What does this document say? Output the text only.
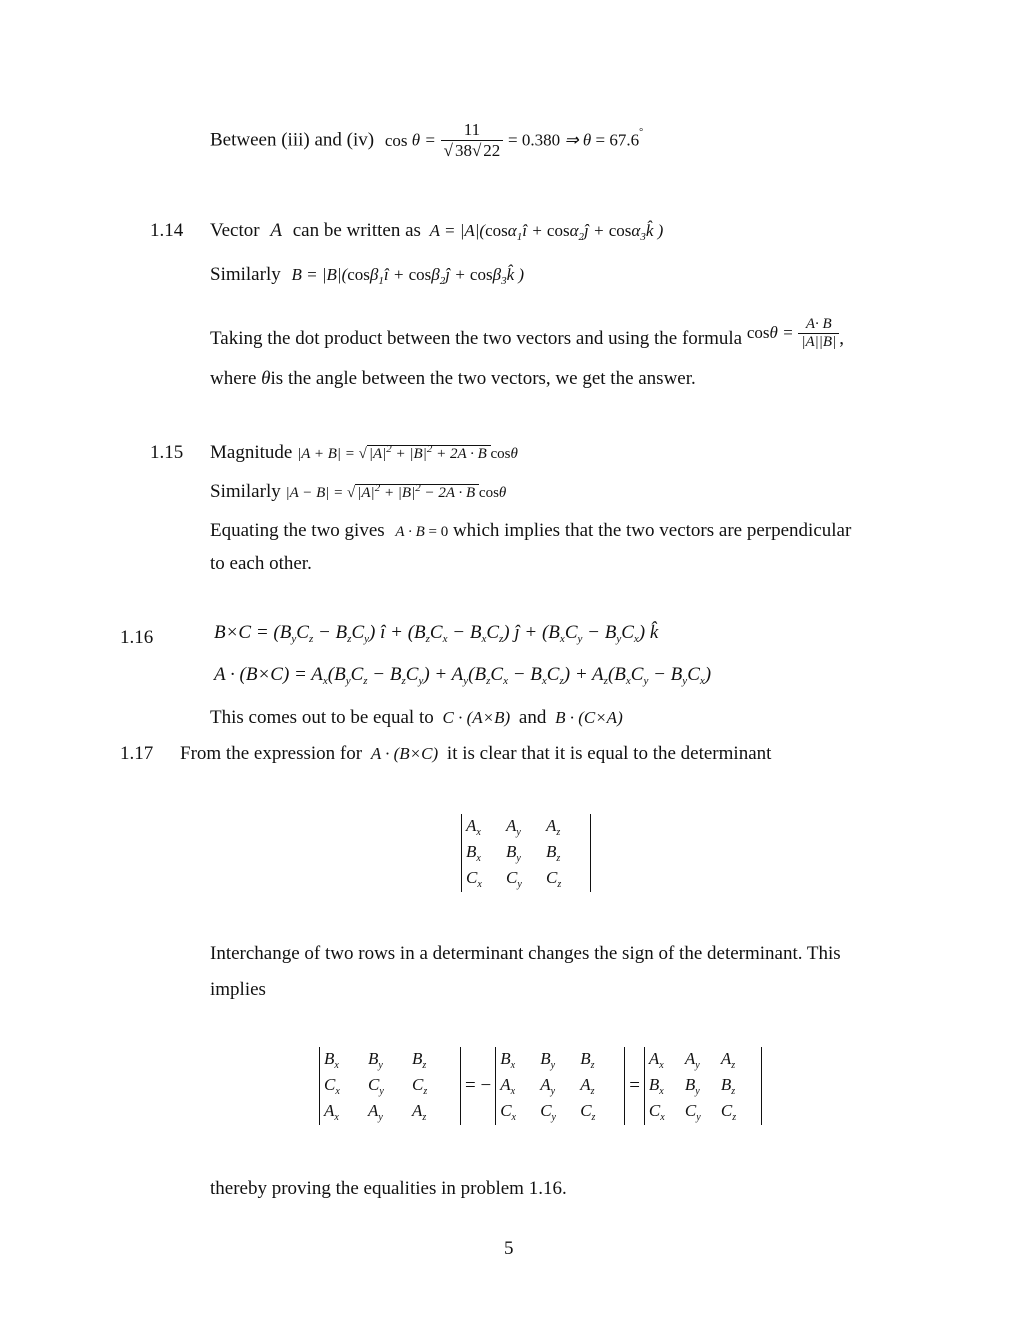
Between (iii) and (iv) $\cos \theta = \frac{11}{√ 38√ 22} = 0.380$ ⇒ θ = 67.6°
1.14 Vector A can be written as A = |A|(cosα$_1$î + cosα$_2$ĵ + cosα$_3$k̂ )
Similarly B = |B|(cosβ$_1$î + cosβ$_2$ĵ + cosβ$_3$k̂ )
Taking the dot product between the two vectors and using the formula $\cos\theta = \frac{A\cdot B}{|A||B|}$ ,
where θis the angle between the two vectors, we get the answer.
1.15 Magnitude |A + B| = √ $|A|^2 + |B|^2 + 2A \cdot B$ cosθ
Similarly |A − B| = √ $|A|^2 + |B|^2 - 2A \cdot B$ cosθ
Equating the two gives A · B = 0 which implies that the two vectors are perpendicular
to each other.
1.16	$B\times C = (B_yC_z - B_zC_y)$ î + $(B_zC_x - B_xC_z)$ ĵ + $(B_xC_y - B_yC_x)$ k̂
$A \cdot (B\times C) = A_x(B_yC_z - B_zC_y) + A_y(B_zC_x - B_xC_z) + A_z(B_xC_y - B_yC_x)$
This comes out to be equal to C · (A×B) and B · (C×A)
1.17 From the expression for A · (B×C) it is clear that it is equal to the determinant
$A_x$	$A_y$	$A_z$
$B_x$	$B_y$	$B_z$
$C_x$	$C_y$	$C_z$
Interchange of two rows in a determinant changes the sign of the determinant. This
implies
$B_x$	$B_y$	$B_z$
$C_x$	$C_y$	$C_z$
$A_x$	$A_y$	$A_z$
= −
$B_x$	$B_y$	$B_z$
$A_x$	$A_y$	$A_z$
$C_x$	$C_y$	$C_z$
=
$A_x$	$A_y$	$A_z$
$B_x$	$B_y$	$B_z$
$C_x$	$C_y$	$C_z$
thereby proving the equalities in problem 1.16.
5
